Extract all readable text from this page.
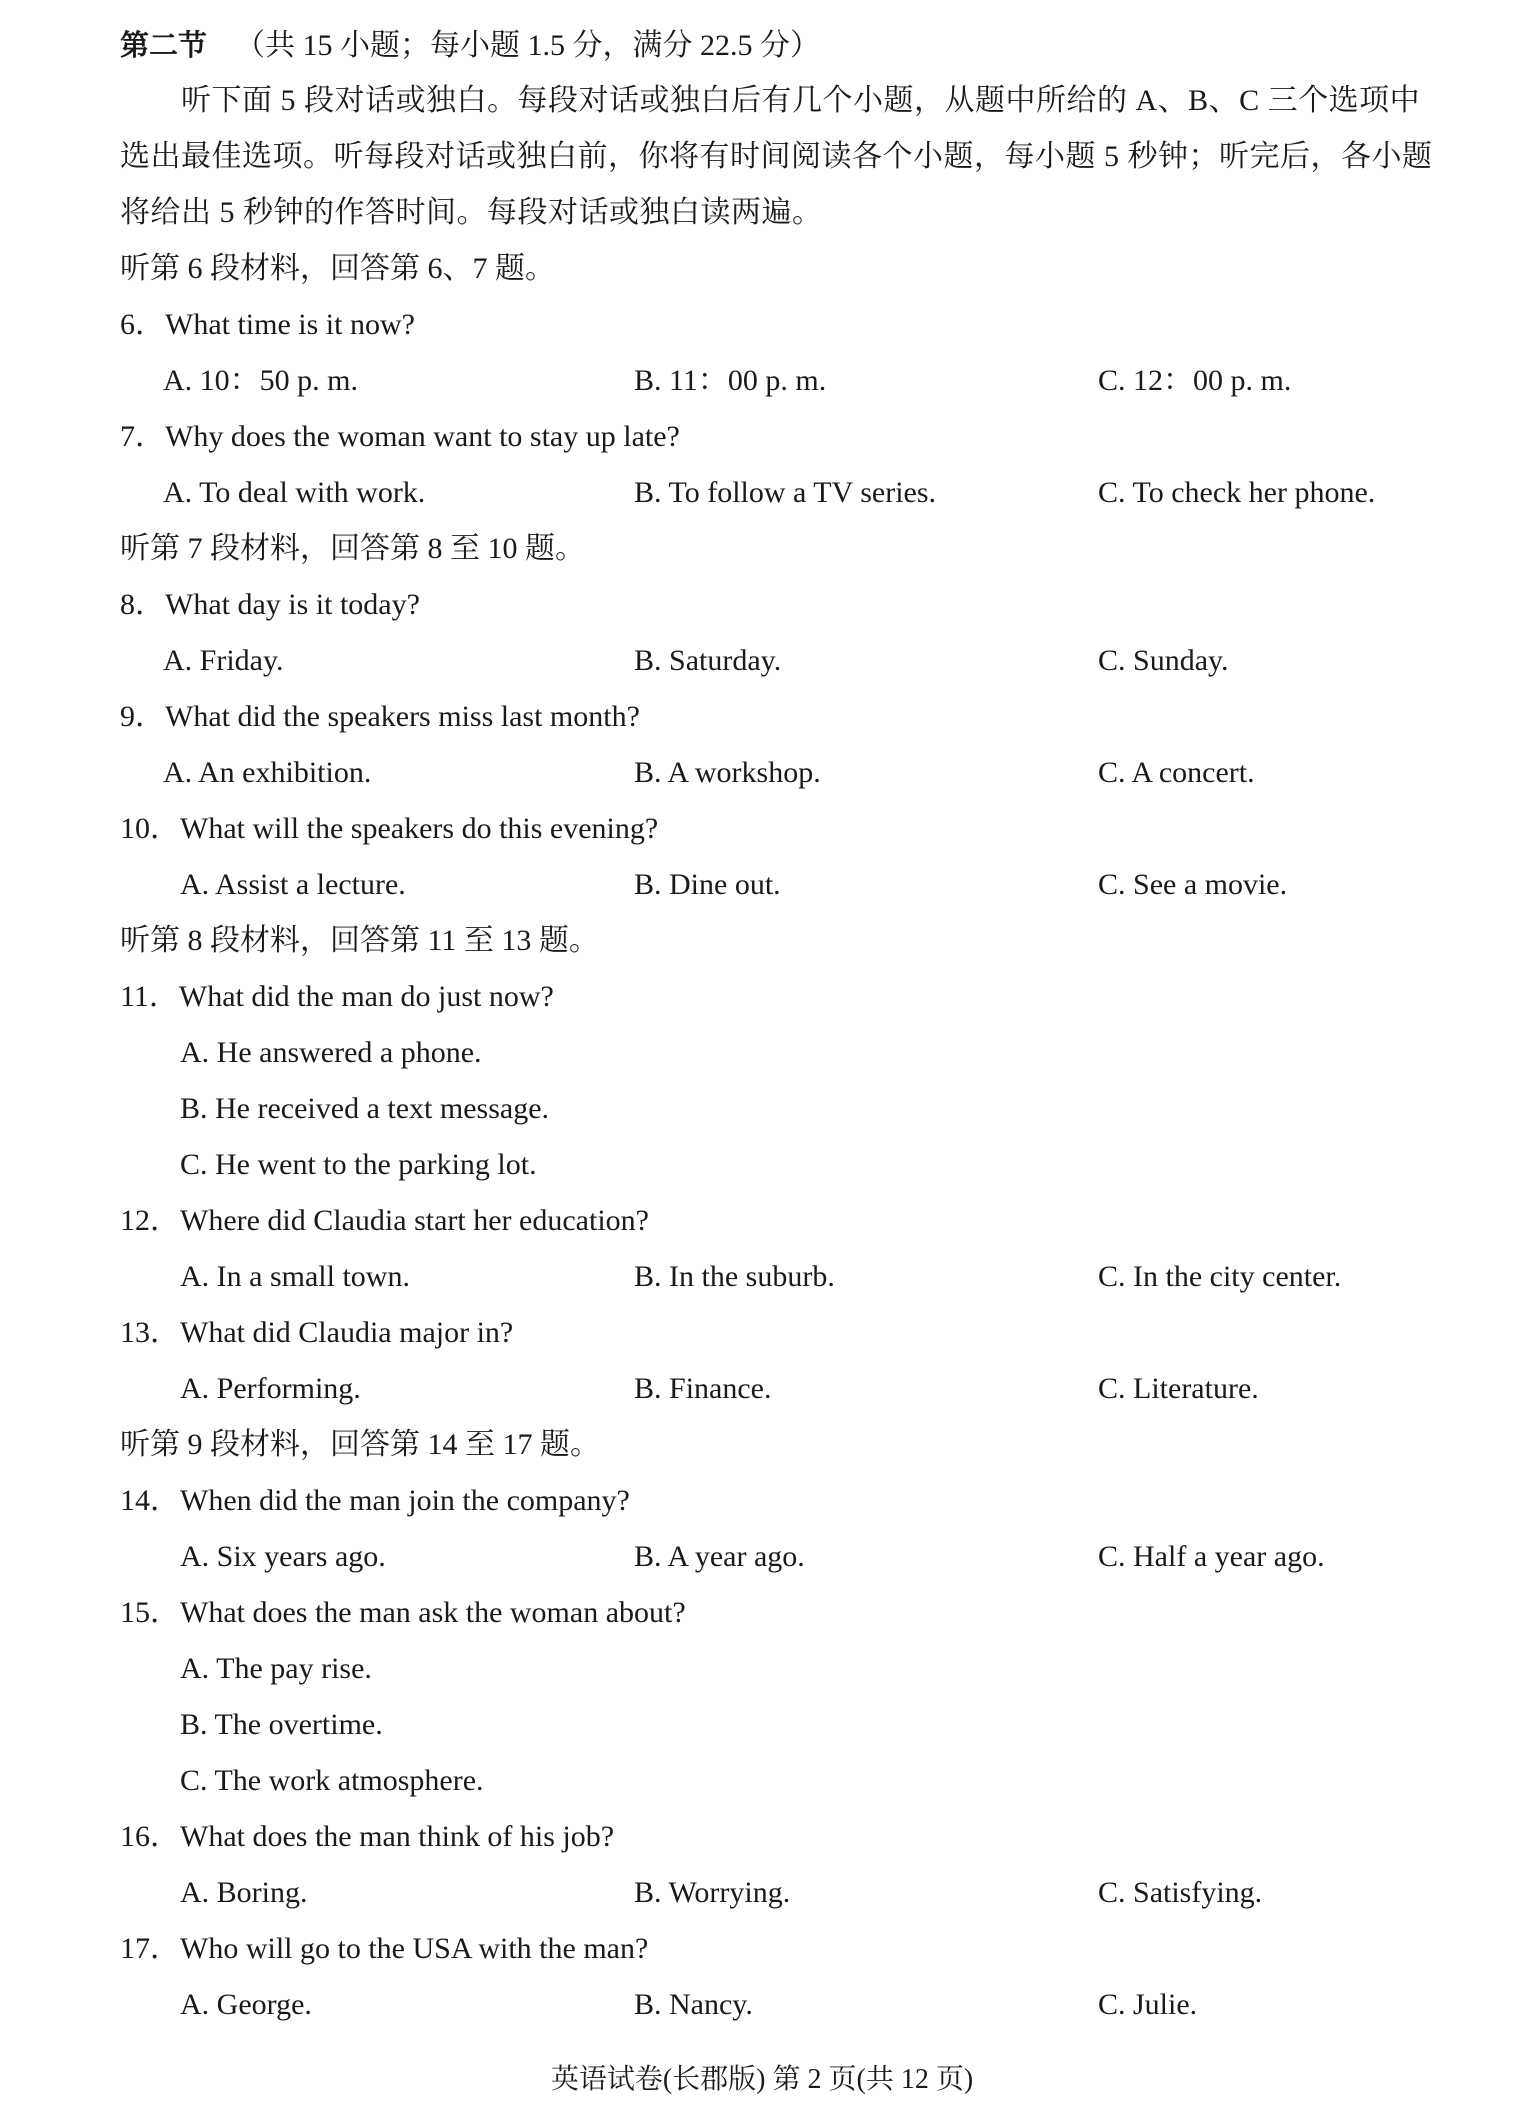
第二节 （共 15 小题；每小题 1.5 分，满分 22.5 分）
　　听下面 5 段对话或独白。每段对话或独白后有几个小题，从题中所给的 A、B、C 三个选项中
选出最佳选项。听每段对话或独白前，你将有时间阅读各个小题，每小题 5 秒钟；听完后，各小题
将给出 5 秒钟的作答时间。每段对话或独白读两遍。
听第 6 段材料，回答第 6、7 题。
6．What time is it now?
A. 10：50 p. m.	B. 11：00 p. m.	C. 12：00 p. m.
7．Why does the woman want to stay up late?
A. To deal with work.	B. To follow a TV series.	C. To check her phone.
听第 7 段材料，回答第 8 至 10 题。
8．What day is it today?
A. Friday.	B. Saturday.	C. Sunday.
9．What did the speakers miss last month?
A. An exhibition.	B. A workshop.	C. A concert.
10．What will the speakers do this evening?
A. Assist a lecture.	B. Dine out.	C. See a movie.
听第 8 段材料，回答第 11 至 13 题。
11．What did the man do just now?
A. He answered a phone.
B. He received a text message.
C. He went to the parking lot.
12．Where did Claudia start her education?
A. In a small town.	B. In the suburb.	C. In the city center.
13．What did Claudia major in?
A. Performing.	B. Finance.	C. Literature.
听第 9 段材料，回答第 14 至 17 题。
14．When did the man join the company?
A. Six years ago.	B. A year ago.	C. Half a year ago.
15．What does the man ask the woman about?
A. The pay rise.
B. The overtime.
C. The work atmosphere.
16．What does the man think of his job?
A. Boring.	B. Worrying.	C. Satisfying.
17．Who will go to the USA with the man?
A. George.	B. Nancy.	C. Julie.
英语试卷(长郡版) 第 2 页(共 12 页)
